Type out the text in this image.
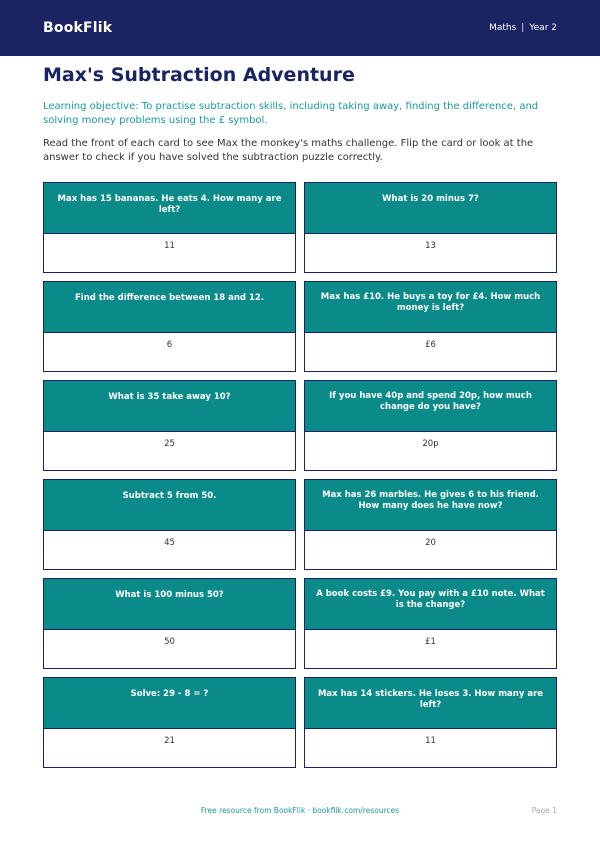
BookFlik	Maths | Year 2
Max's Subtraction Adventure
Learning objective: To practise subtraction skills, including taking away, finding the difference, and solving money problems using the £ symbol.
Read the front of each card to see Max the monkey's maths challenge. Flip the card or look at the answer to check if you have solved the subtraction puzzle correctly.
Max has 15 bananas. He eats 4. How many are left?
11
What is 20 minus 7?
13
Find the difference between 18 and 12.
6
Max has £10. He buys a toy for £4. How much money is left?
£6
What is 35 take away 10?
25
If you have 40p and spend 20p, how much change do you have?
20p
Subtract 5 from 50.
45
Max has 26 marbles. He gives 6 to his friend. How many does he have now?
20
What is 100 minus 50?
50
A book costs £9. You pay with a £10 note. What is the change?
£1
Solve: 29 - 8 = ?
21
Max has 14 stickers. He loses 3. How many are left?
11
Free resource from BookFlik · bookflik.com/resources	Page 1
